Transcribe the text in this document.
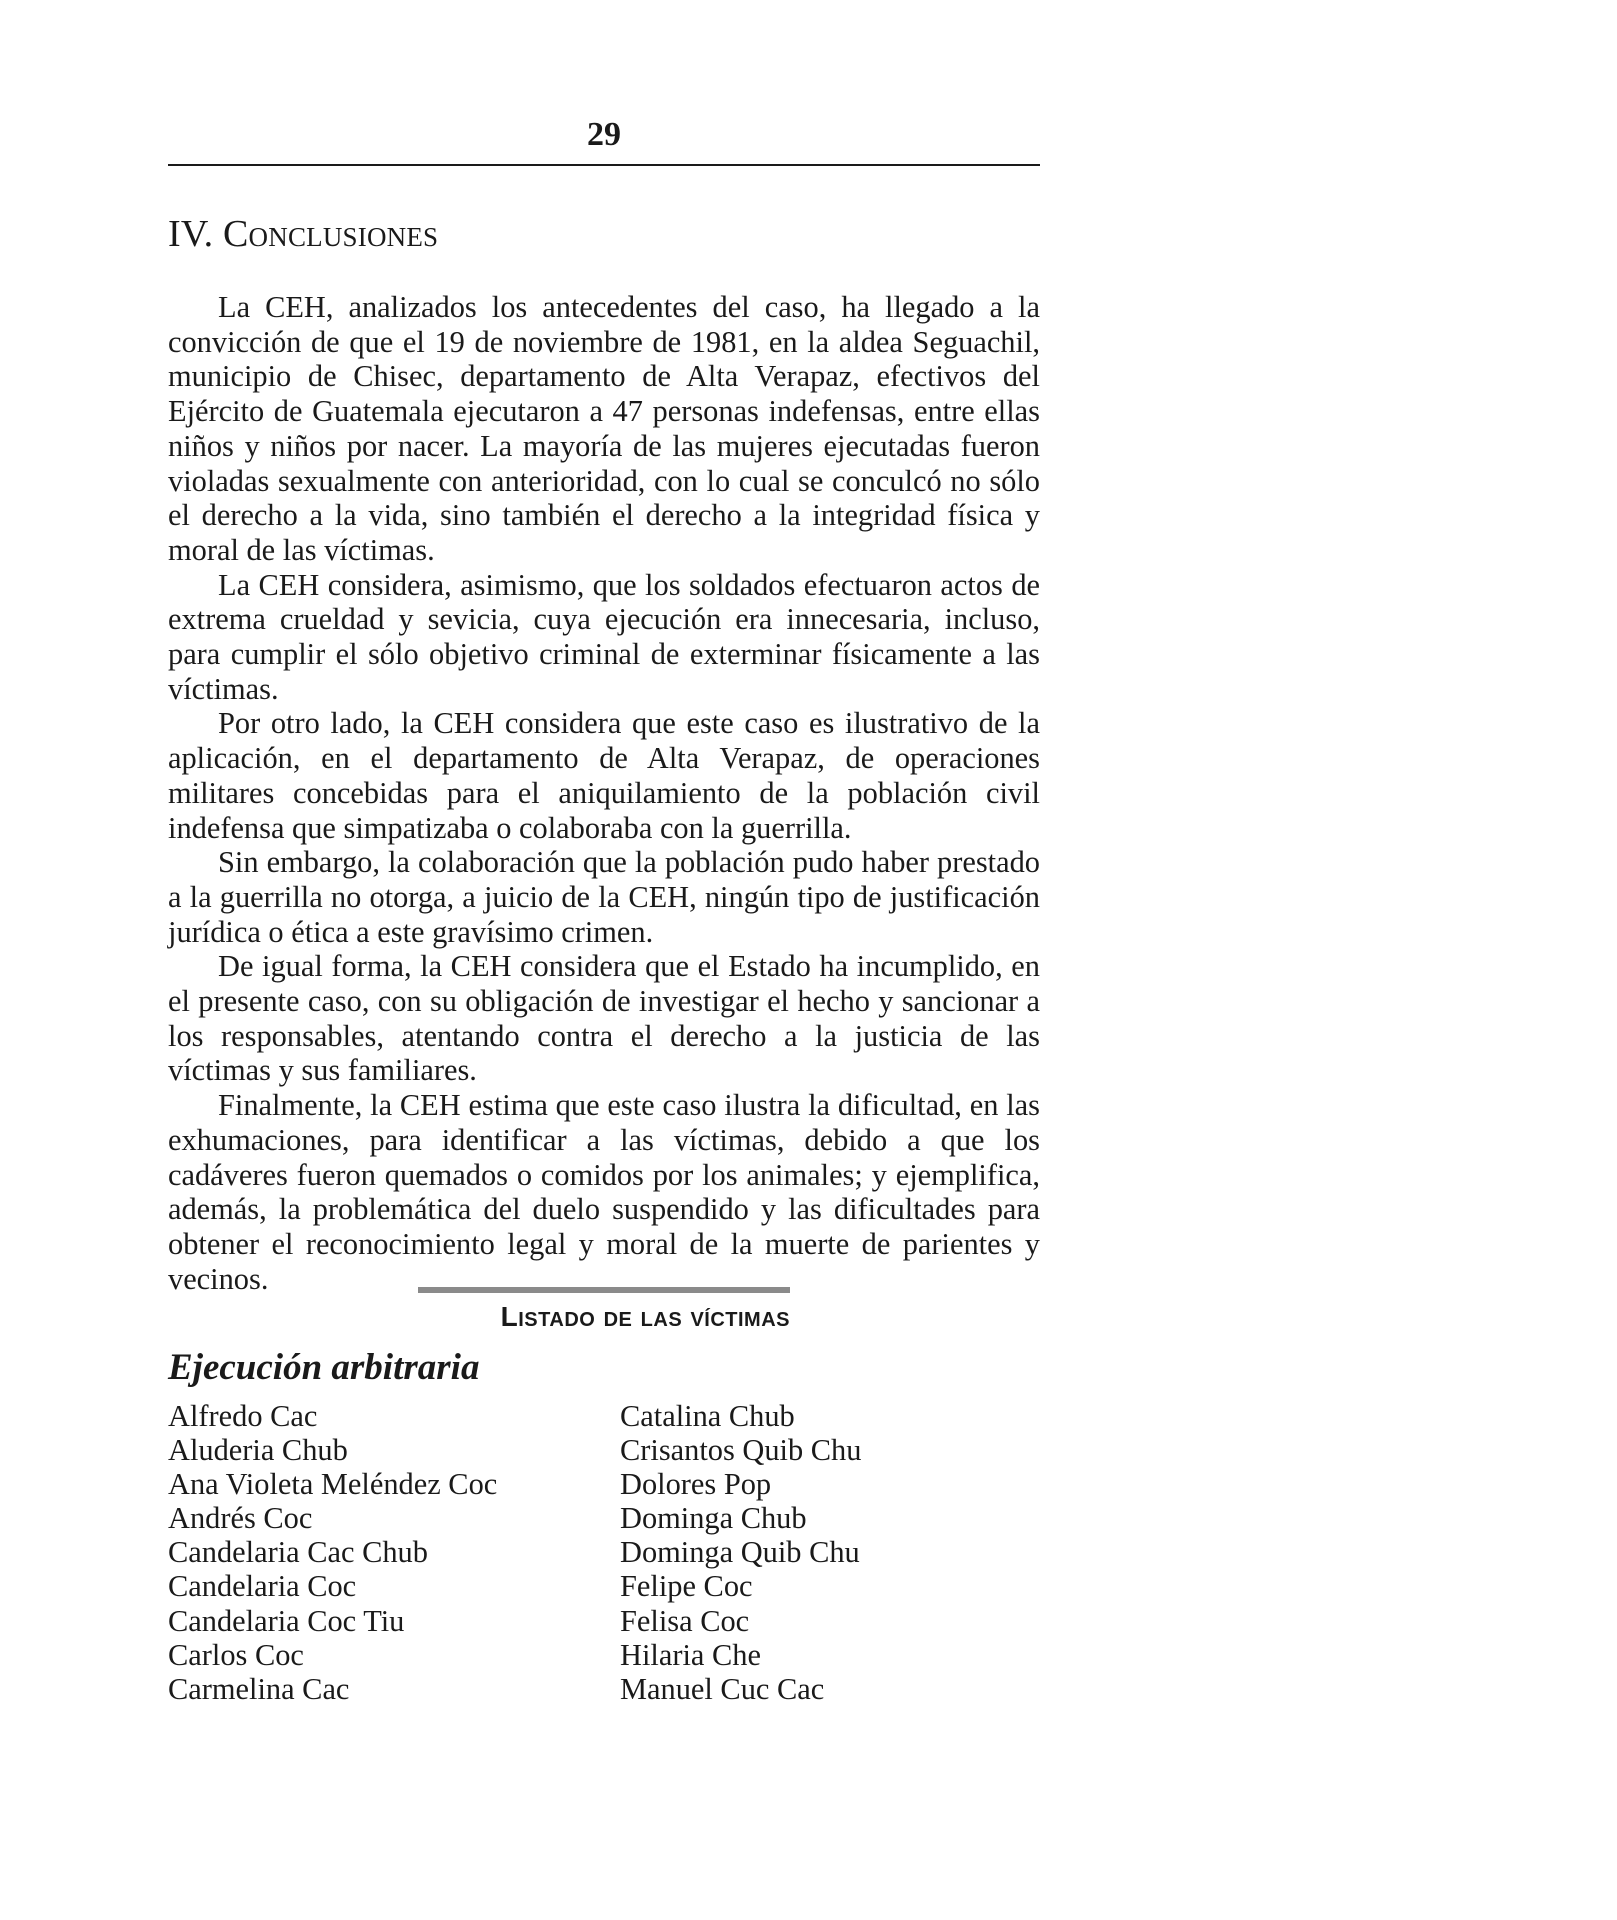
29
IV. Conclusiones

La CEH, analizados los antecedentes del caso, ha llegado a la convicción de que el 19 de noviembre de 1981, en la aldea Seguachil, municipio de Chisec, departamento de Alta Verapaz, efectivos del Ejército de Guatemala ejecutaron a 47 personas indefensas, entre ellas niños y niños por nacer. La mayoría de las mujeres ejecutadas fueron violadas sexualmente con anterioridad, con lo cual se conculcó no sólo el derecho a la vida, sino también el derecho a la integridad física y moral de las víctimas.

La CEH considera, asimismo, que los soldados efectuaron actos de extrema crueldad y sevicia, cuya ejecución era innecesaria, incluso, para cumplir el sólo objetivo criminal de exterminar físicamente a las víctimas.

Por otro lado, la CEH considera que este caso es ilustrativo de la aplicación, en el departamento de Alta Verapaz, de operaciones militares concebidas para el aniquilamiento de la población civil indefensa que simpatizaba o colaboraba con la guerrilla.

Sin embargo, la colaboración que la población pudo haber prestado a la guerrilla no otorga, a juicio de la CEH, ningún tipo de justificación jurídica o ética a este gravísimo crimen.

De igual forma, la CEH considera que el Estado ha incumplido, en el presente caso, con su obligación de investigar el hecho y sancionar a los responsables, atentando contra el derecho a la justicia de las víctimas y sus familiares.

Finalmente, la CEH estima que este caso ilustra la dificultad, en las exhumaciones, para identificar a las víctimas, debido a que los cadáveres fueron quemados o comidos por los animales; y ejemplifica, además, la problemática del duelo suspendido y las dificultades para obtener el reconocimiento legal y moral de la muerte de parientes y vecinos.

Listado de las víctimas
Ejecución arbitraria
Alfredo Cac
Aluderia Chub
Ana Violeta Meléndez Coc
Andrés Coc
Candelaria Cac Chub
Candelaria Coc
Candelaria Coc Tiu
Carlos Coc
Carmelina Cac
Catalina Chub
Crisantos Quib Chu
Dolores Pop
Dominga Chub
Dominga Quib Chu
Felipe Coc
Felisa Coc
Hilaria Che
Manuel Cuc Cac
